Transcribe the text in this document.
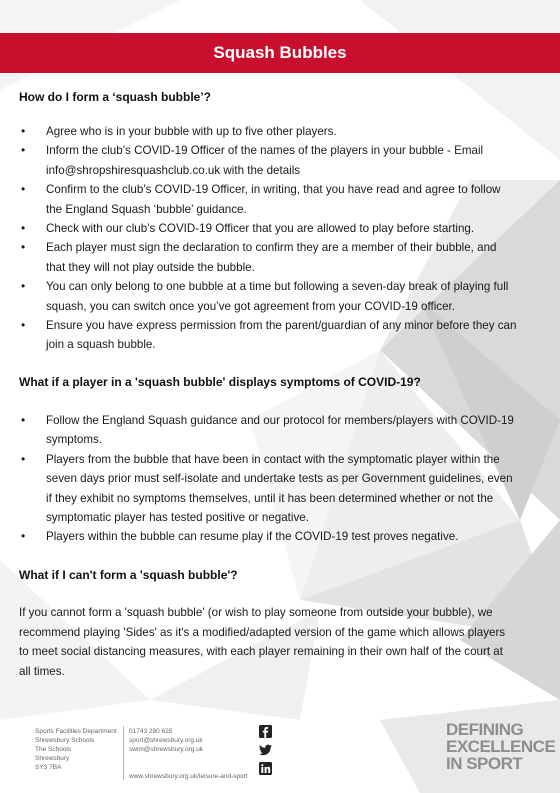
Squash Bubbles

How do I form a ‘squash bubble’?

• Agree who is in your bubble with up to five other players.
• Inform the club’s COVID-19 Officer of the names of the players in your bubble - Email
info@shropshiresquashclub.co.uk with the details
• Confirm to the club’s COVID-19 Officer, in writing, that you have read and agree to follow
the England Squash ‘bubble’ guidance.
• Check with our club’s COVID-19 Officer that you are allowed to play before starting.
• Each player must sign the declaration to confirm they are a member of their bubble, and
that they will not play outside the bubble.
• You can only belong to one bubble at a time but following a seven-day break of playing full
squash, you can switch once you’ve got agreement from your COVID-19 officer.
• Ensure you have express permission from the parent/guardian of any minor before they can
join a squash bubble.

What if a player in a 'squash bubble' displays symptoms of COVID-19?

• Follow the England Squash guidance and our protocol for members/players with COVID-19
symptoms.
• Players from the bubble that have been in contact with the symptomatic player within the
seven days prior must self-isolate and undertake tests as per Government guidelines, even
if they exhibit no symptoms themselves, until it has been determined whether or not the
symptomatic player has tested positive or negative.
• Players within the bubble can resume play if the COVID-19 test proves negative.

What if I can't form a 'squash bubble'?

If you cannot form a 'squash bubble' (or wish to play someone from outside your bubble), we
recommend playing 'Sides' as it's a modified/adapted version of the game which allows players
to meet social distancing measures, with each player remaining in their own half of the court at
all times.

Sports Facilities Department
Shrewsbury Schools
The Schools
Shrewsbury
SY3 7BA
01743 280 625
sport@shrewsbury.org.uk
swim@shrewsbury.org.uk
www.shrewsbury.org.uk/leisure-and-sport
DEFINING
EXCELLENCE
IN SPORT
